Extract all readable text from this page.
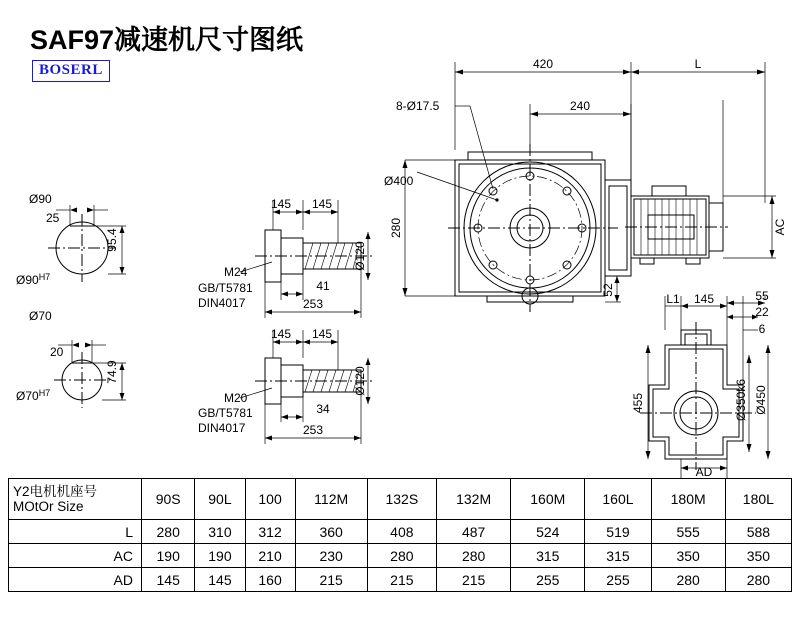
SAF97减速机尺寸图纸
BOSERL
Ø90
25
$Ø90^{H7}$
Ø70
20
$Ø70^{H7}$
145 145
M24
GB/T5781
DIN4017
41
253
145 145
M20
GB/T5781
DIN4017
34
253
420	L
8-Ø17.5	240
Ø400
280
52
AC
L1 145	55
22
6
455	Ø350k6 Ø450
AD
Ø120
Ø120
95.4
74.9
Y2电机机座号
MOtOr Size	90S	90L	100	112M	132S	132M	160M	160L	180M	180L
L	280	310	312	360	408	487	524	519	555	588
AC	190	190	210	230	280	280	315	315	350	350
AD	145	145	160	215	215	215	255	255	280	280
